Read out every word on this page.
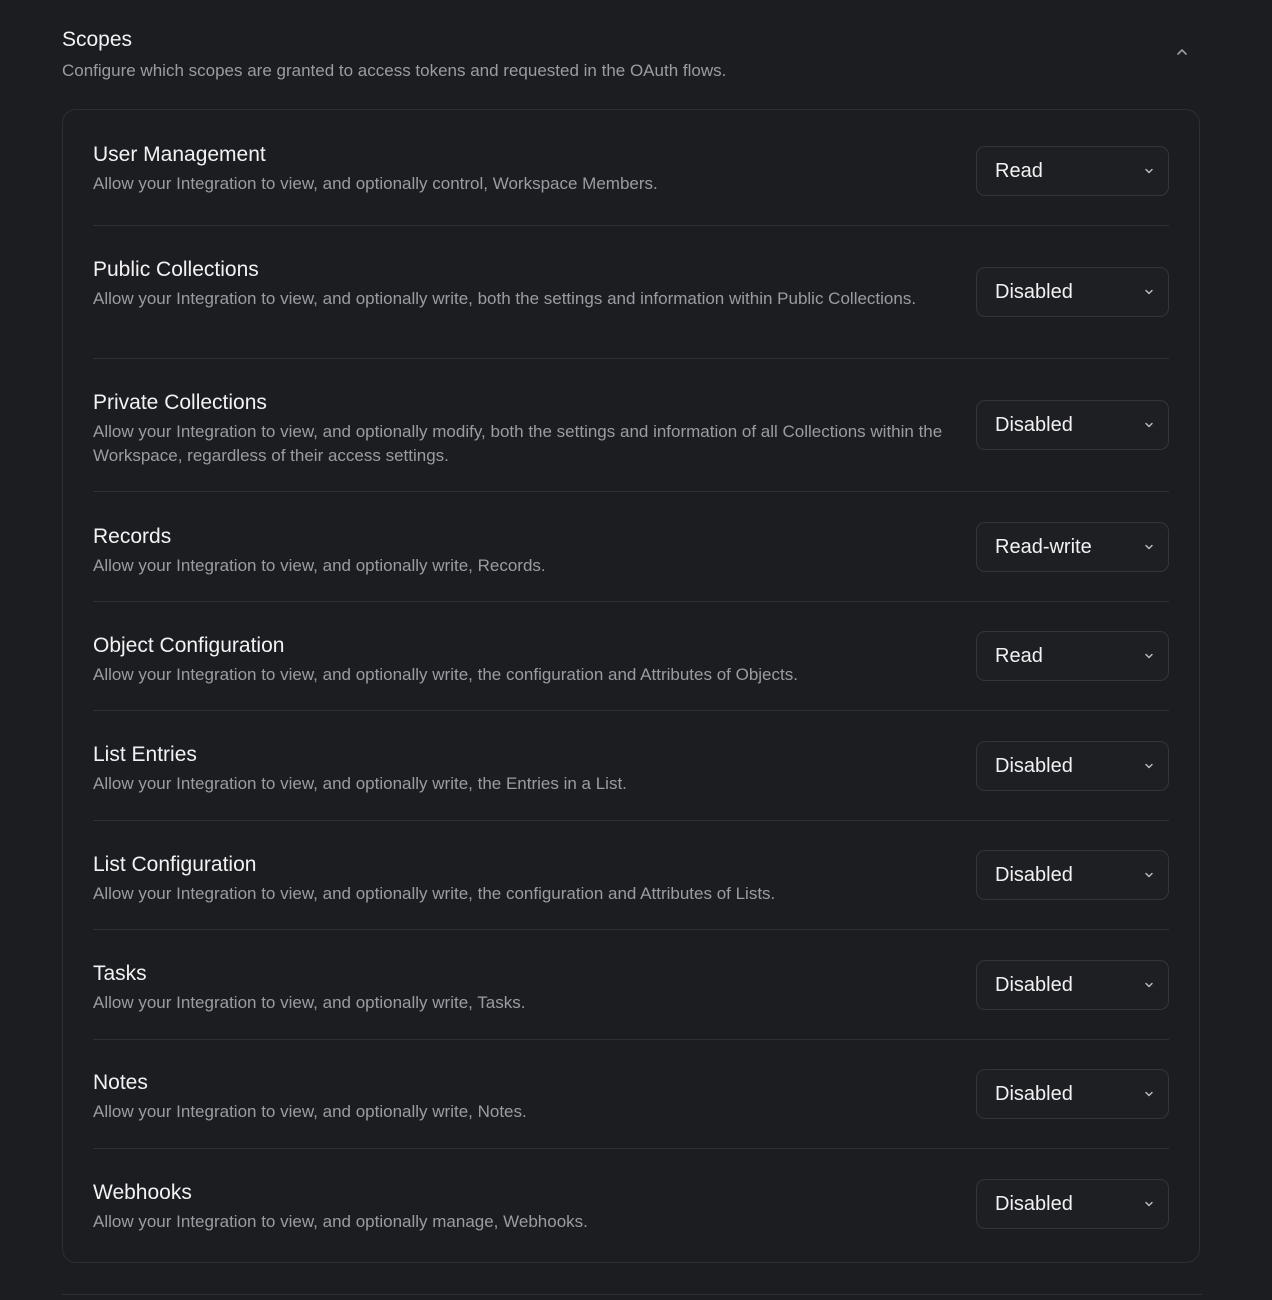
Scopes
Configure which scopes are granted to access tokens and requested in the OAuth flows.
User Management
Allow your Integration to view, and optionally control, Workspace Members.
Read
Public Collections
Allow your Integration to view, and optionally write, both the settings and information within Public Collections.	Disabled
Private Collections
Allow your Integration to view, and optionally modify, both the settings and information of all Collections within the Workspace, regardless of their access settings.
Disabled
Records
Allow your Integration to view, and optionally write, Records.
Read-write
Object Configuration
Allow your Integration to view, and optionally write, the configuration and Attributes of Objects.
Read
List Entries
Allow your Integration to view, and optionally write, the Entries in a List.
Disabled
List Configuration
Allow your Integration to view, and optionally write, the configuration and Attributes of Lists.
Disabled
Tasks
Allow your Integration to view, and optionally write, Tasks.
Disabled
Notes
Allow your Integration to view, and optionally write, Notes.
Disabled
Webhooks
Allow your Integration to view, and optionally manage, Webhooks.
Disabled
